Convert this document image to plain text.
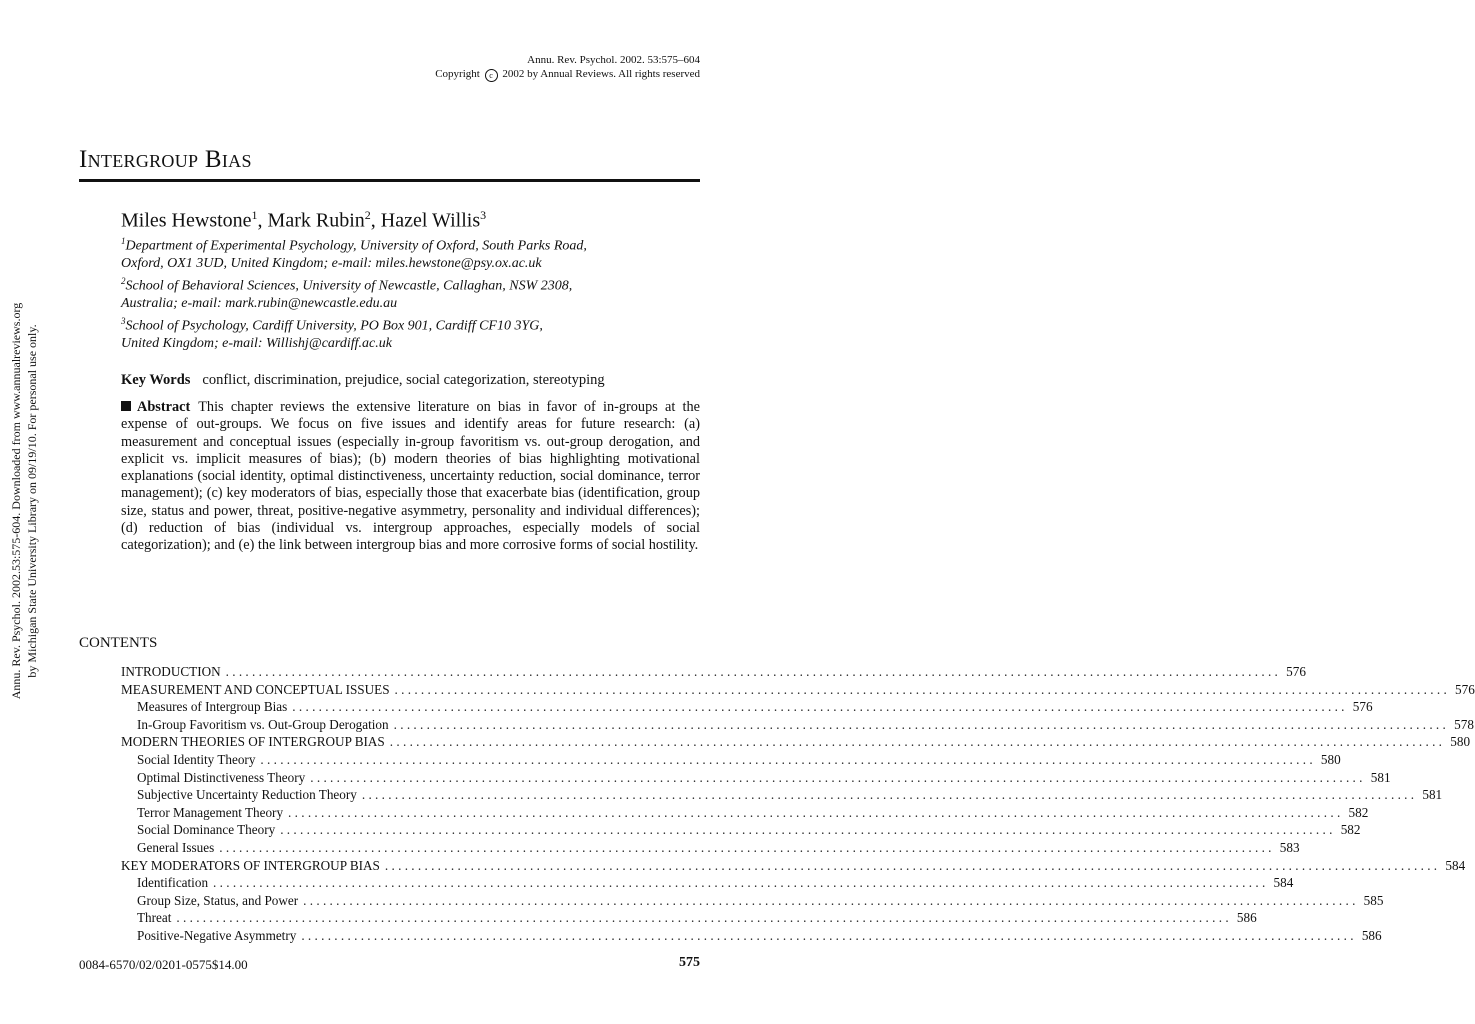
Annu. Rev. Psychol. 2002. 53:575–604
Copyright c 2002 by Annual Reviews. All rights reserved
Intergroup Bias
Miles Hewstone$^1$, Mark Rubin$^2$, Hazel Willis$^3$
$^1$Department of Experimental Psychology, University of Oxford, South Parks Road,
Oxford, OX1 3UD, United Kingdom; e-mail: miles.hewstone@psy.ox.ac.uk
$^2$School of Behavioral Sciences, University of Newcastle, Callaghan, NSW 2308,
Australia; e-mail: mark.rubin@newcastle.edu.au
$^3$School of Psychology, Cardiff University, PO Box 901, Cardiff CF10 3YG,
United Kingdom; e-mail: Willishj@cardiff.ac.uk
Annu. Rev. Psychol. 2002.53:575-604. Downloaded from www.annualreviews.org by Michigan State University Library on 09/19/10. For personal use only.	Key Words conflict, discrimination, prejudice, social categorization, stereotyping
Abstract This chapter reviews the extensive literature on bias in favor of in-groups at the expense of out-groups. We focus on five issues and identify areas for future research: (a) measurement and conceptual issues (especially in-group favoritism vs. out-group derogation, and explicit vs. implicit measures of bias); (b) modern theories of bias highlighting motivational explanations (social identity, optimal distinctiveness, uncertainty reduction, social dominance, terror management); (c) key moderators of bias, especially those that exacerbate bias (identification, group size, status and power, threat, positive-negative asymmetry, personality and individual differences); (d) reduction of bias (individual vs. intergroup approaches, especially models of social categorization); and (e) the link between intergroup bias and more corrosive forms of social hostility.
CONTENTS
INTRODUCTION ................................................................................................................................................................ 576
MEASUREMENT AND CONCEPTUAL ISSUES ................................................................................................................................................................ 576
Measures of Intergroup Bias ................................................................................................................................................................ 576
In-Group Favoritism vs. Out-Group Derogation ................................................................................................................................................................ 578
MODERN THEORIES OF INTERGROUP BIAS ................................................................................................................................................................ 580
Social Identity Theory ................................................................................................................................................................ 580
Optimal Distinctiveness Theory ................................................................................................................................................................ 581
Subjective Uncertainty Reduction Theory ................................................................................................................................................................ 581
Terror Management Theory ................................................................................................................................................................ 582
Social Dominance Theory ................................................................................................................................................................ 582
General Issues ................................................................................................................................................................ 583
KEY MODERATORS OF INTERGROUP BIAS ................................................................................................................................................................ 584
Identification ................................................................................................................................................................ 584
Group Size, Status, and Power ................................................................................................................................................................ 585
Threat ................................................................................................................................................................ 586
Positive-Negative Asymmetry ................................................................................................................................................................ 586
0084-6570/02/0201-0575$14.00	575
